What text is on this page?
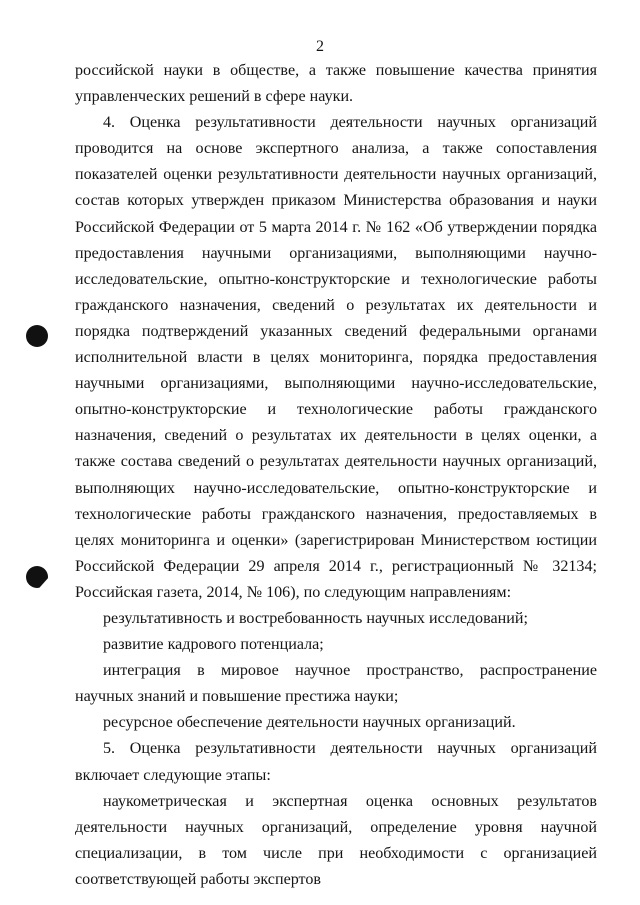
2

российской науки в обществе, а также повышение качества принятия управленческих решений в сфере науки.

4. Оценка результативности деятельности научных организаций проводится на основе экспертного анализа, а также сопоставления показателей оценки результативности деятельности научных организаций, состав которых утвержден приказом Министерства образования и науки Российской Федерации от 5 марта 2014 г. № 162 «Об утверждении порядка предоставления научными организациями, выполняющими научно-исследовательские, опытно-конструкторские и технологические работы гражданского назначения, сведений о результатах их деятельности и порядка подтверждений указанных сведений федеральными органами исполнительной власти в целях мониторинга, порядка предоставления научными организациями, выполняющими научно-исследовательские, опытно-конструкторские и технологические работы гражданского назначения, сведений о результатах их деятельности в целях оценки, а также состава сведений о результатах деятельности научных организаций, выполняющих научно-исследовательские, опытно-конструкторские и технологические работы гражданского назначения, предоставляемых в целях мониторинга и оценки» (зарегистрирован Министерством юстиции Российской Федерации 29 апреля 2014 г., регистрационный № 32134; Российская газета, 2014, № 106), по следующим направлениям:

результативность и востребованность научных исследований;

развитие кадрового потенциала;

интеграция в мировое научное пространство, распространение научных знаний и повышение престижа науки;

ресурсное обеспечение деятельности научных организаций.

5. Оценка результативности деятельности научных организаций включает следующие этапы:

наукометрическая и экспертная оценка основных результатов деятельности научных организаций, определение уровня научной специализации, в том числе при необходимости с организацией соответствующей работы экспертов
